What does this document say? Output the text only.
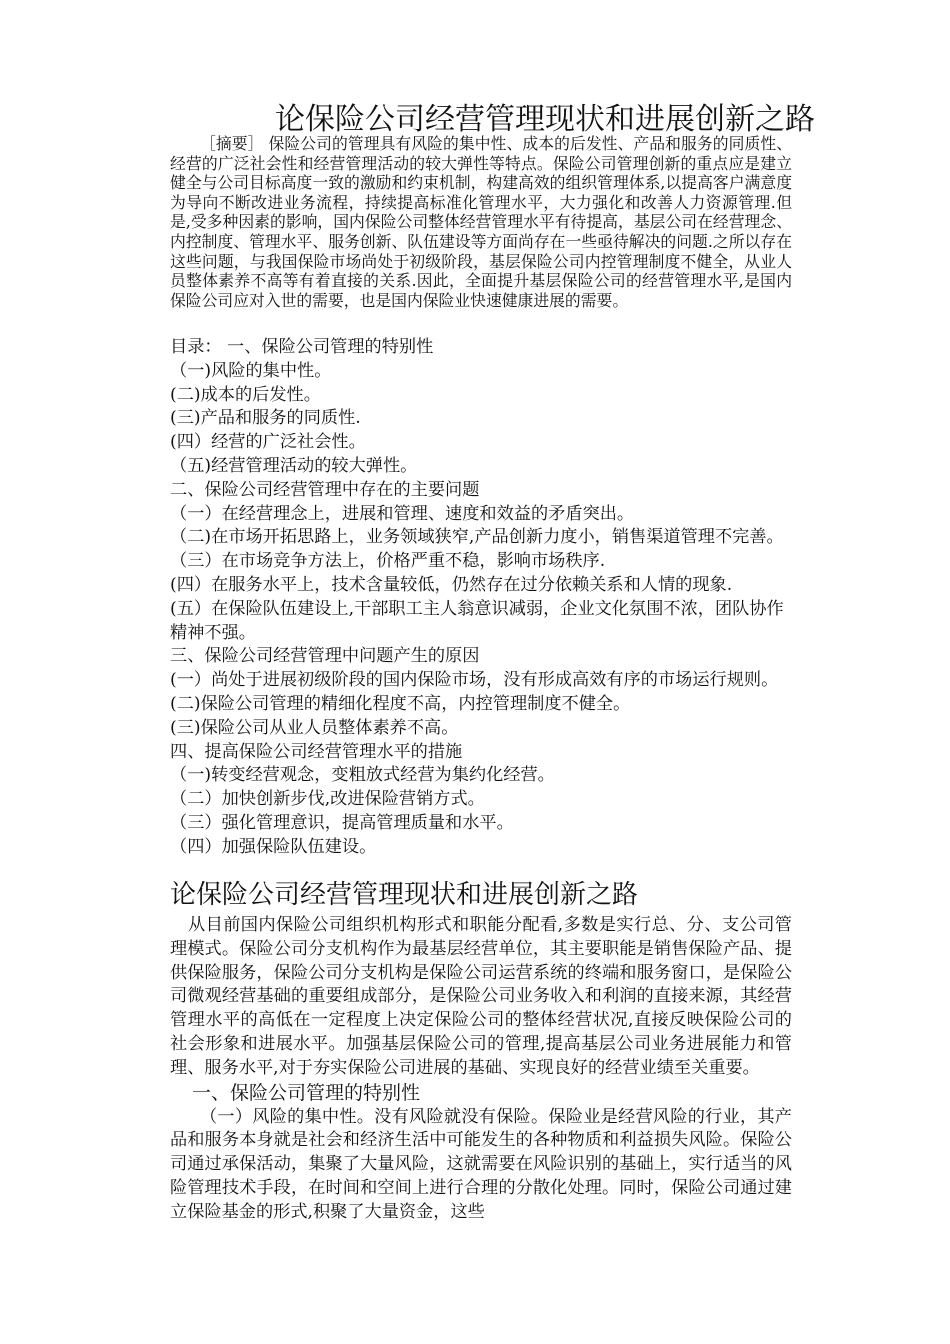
论保险公司经营管理现状和进展创新之路
［摘要］ 保险公司的管理具有风险的集中性、成本的后发性、产品和服务的同质性、经营的广泛社会性和经营管理活动的较大弹性等特点。保险公司管理创新的重点应是建立健全与公司目标高度一致的激励和约束机制，构建高效的组织管理体系,以提高客户满意度为导向不断改进业务流程，持续提高标准化管理水平，大力强化和改善人力资源管理.但是,受多种因素的影响，国内保险公司整体经营管理水平有待提高，基层公司在经营理念、内控制度、管理水平、服务创新、队伍建设等方面尚存在一些亟待解决的问题.之所以存在这些问题，与我国保险市场尚处于初级阶段，基层保险公司内控管理制度不健全，从业人员整体素养不高等有着直接的关系.因此，全面提升基层保险公司的经营管理水平,是国内保险公司应对入世的需要，也是国内保险业快速健康进展的需要。
目录： 一、保险公司管理的特别性
（一)风险的集中性。
(二)成本的后发性。
(三)产品和服务的同质性.
(四）经营的广泛社会性。
（五)经营管理活动的较大弹性。
二、保险公司经营管理中存在的主要问题
（一）在经营理念上，进展和管理、速度和效益的矛盾突出。
（二)在市场开拓思路上，业务领域狭窄,产品创新力度小，销售渠道管理不完善。
（三）在市场竞争方法上，价格严重不稳，影响市场秩序.
(四）在服务水平上，技术含量较低，仍然存在过分依赖关系和人情的现象.
(五）在保险队伍建设上,干部职工主人翁意识减弱，企业文化氛围不浓，团队协作精神不强。
三、保险公司经营管理中问题产生的原因
(一）尚处于进展初级阶段的国内保险市场，没有形成高效有序的市场运行规则。
(二)保险公司管理的精细化程度不高，内控管理制度不健全。
(三)保险公司从业人员整体素养不高。
四、提高保险公司经营管理水平的措施
（一)转变经营观念，变粗放式经营为集约化经营。
（二）加快创新步伐,改进保险营销方式。
（三）强化管理意识，提高管理质量和水平。
（四）加强保险队伍建设。
论保险公司经营管理现状和进展创新之路

从目前国内保险公司组织机构形式和职能分配看,多数是实行总、分、支公司管理模式。保险公司分支机构作为最基层经营单位，其主要职能是销售保险产品、提供保险服务，保险公司分支机构是保险公司运营系统的终端和服务窗口，是保险公司微观经营基础的重要组成部分，是保险公司业务收入和利润的直接来源，其经营管理水平的高低在一定程度上决定保险公司的整体经营状况,直接反映保险公司的社会形象和进展水平。加强基层保险公司的管理,提高基层公司业务进展能力和管理、服务水平,对于夯实保险公司进展的基础、实现良好的经营业绩至关重要。

一、保险公司管理的特别性

（一）风险的集中性。没有风险就没有保险。保险业是经营风险的行业，其产品和服务本身就是社会和经济生活中可能发生的各种物质和利益损失风险。保险公司通过承保活动，集聚了大量风险，这就需要在风险识别的基础上，实行适当的风险管理技术手段，在时间和空间上进行合理的分散化处理。同时，保险公司通过建立保险基金的形式,积聚了大量资金，这些
